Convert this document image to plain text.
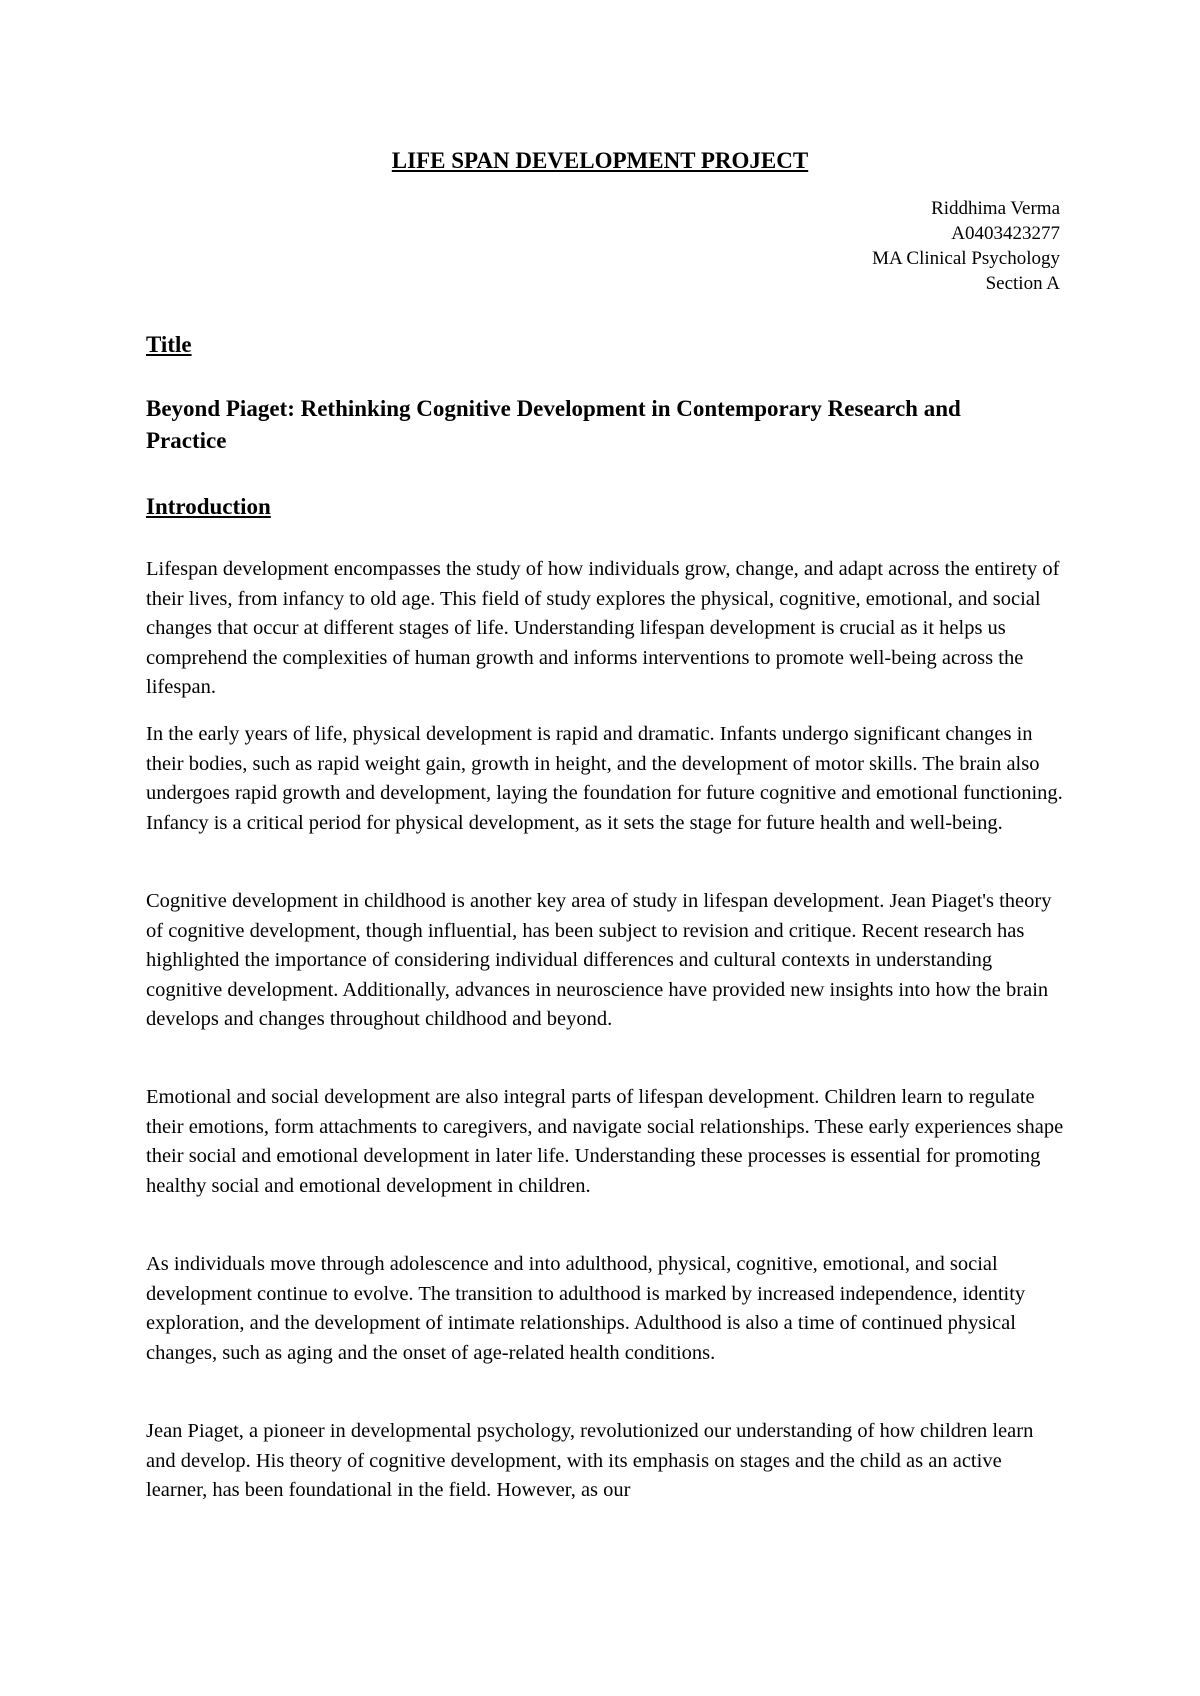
LIFE SPAN DEVELOPMENT PROJECT
Riddhima Verma
A0403423277
MA Clinical Psychology
Section A
Title
Beyond Piaget: Rethinking Cognitive Development in Contemporary Research and Practice
Introduction

Lifespan development encompasses the study of how individuals grow, change, and adapt across the entirety of their lives, from infancy to old age. This field of study explores the physical, cognitive, emotional, and social changes that occur at different stages of life. Understanding lifespan development is crucial as it helps us comprehend the complexities of human growth and informs interventions to promote well-being across the lifespan.

In the early years of life, physical development is rapid and dramatic. Infants undergo significant changes in their bodies, such as rapid weight gain, growth in height, and the development of motor skills. The brain also undergoes rapid growth and development, laying the foundation for future cognitive and emotional functioning. Infancy is a critical period for physical development, as it sets the stage for future health and well-being.

Cognitive development in childhood is another key area of study in lifespan development. Jean Piaget's theory of cognitive development, though influential, has been subject to revision and critique. Recent research has highlighted the importance of considering individual differences and cultural contexts in understanding cognitive development. Additionally, advances in neuroscience have provided new insights into how the brain develops and changes throughout childhood and beyond.

Emotional and social development are also integral parts of lifespan development. Children learn to regulate their emotions, form attachments to caregivers, and navigate social relationships. These early experiences shape their social and emotional development in later life. Understanding these processes is essential for promoting healthy social and emotional development in children.

As individuals move through adolescence and into adulthood, physical, cognitive, emotional, and social development continue to evolve. The transition to adulthood is marked by increased independence, identity exploration, and the development of intimate relationships. Adulthood is also a time of continued physical changes, such as aging and the onset of age-related health conditions.

Jean Piaget, a pioneer in developmental psychology, revolutionized our understanding of how children learn and develop. His theory of cognitive development, with its emphasis on stages and the child as an active learner, has been foundational in the field. However, as our
